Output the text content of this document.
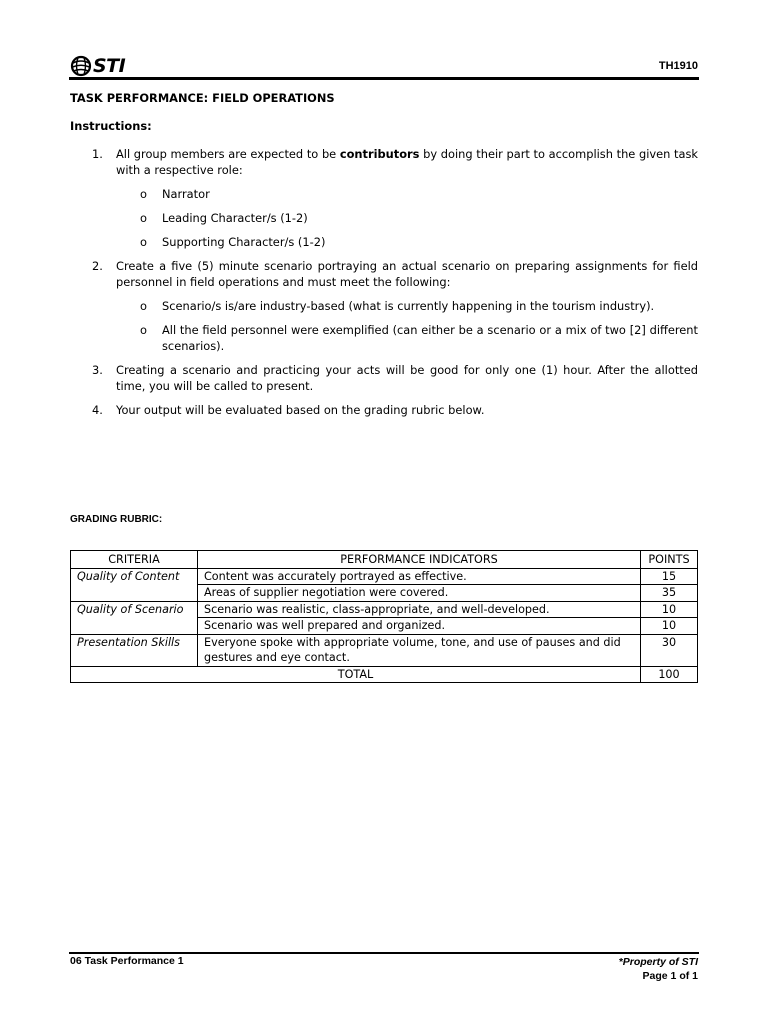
STI	TH1910
TASK PERFORMANCE: FIELD OPERATIONS
Instructions:
1. All group members are expected to be contributors by doing their part to accomplish the given task with a respective role:
o Narrator
o Leading Character/s (1-2)
o Supporting Character/s (1-2)
2. Create a five (5) minute scenario portraying an actual scenario on preparing assignments for field personnel in field operations and must meet the following:
o Scenario/s is/are industry-based (what is currently happening in the tourism industry).
o All the field personnel were exemplified (can either be a scenario or a mix of two [2] different scenarios).
3. Creating a scenario and practicing your acts will be good for only one (1) hour. After the allotted time, you will be called to present.
4. Your output will be evaluated based on the grading rubric below.
GRADING RUBRIC:
CRITERIA	PERFORMANCE INDICATORS	POINTS
Quality of Content	Content was accurately portrayed as effective.	15
	Areas of supplier negotiation were covered.	35
Quality of Scenario	Scenario was realistic, class-appropriate, and well-developed.	10
	Scenario was well prepared and organized.	10
Presentation Skills	Everyone spoke with appropriate volume, tone, and use of pauses and did gestures and eye contact.	30
TOTAL		100
06 Task Performance 1	*Property of STI
Page 1 of 1
